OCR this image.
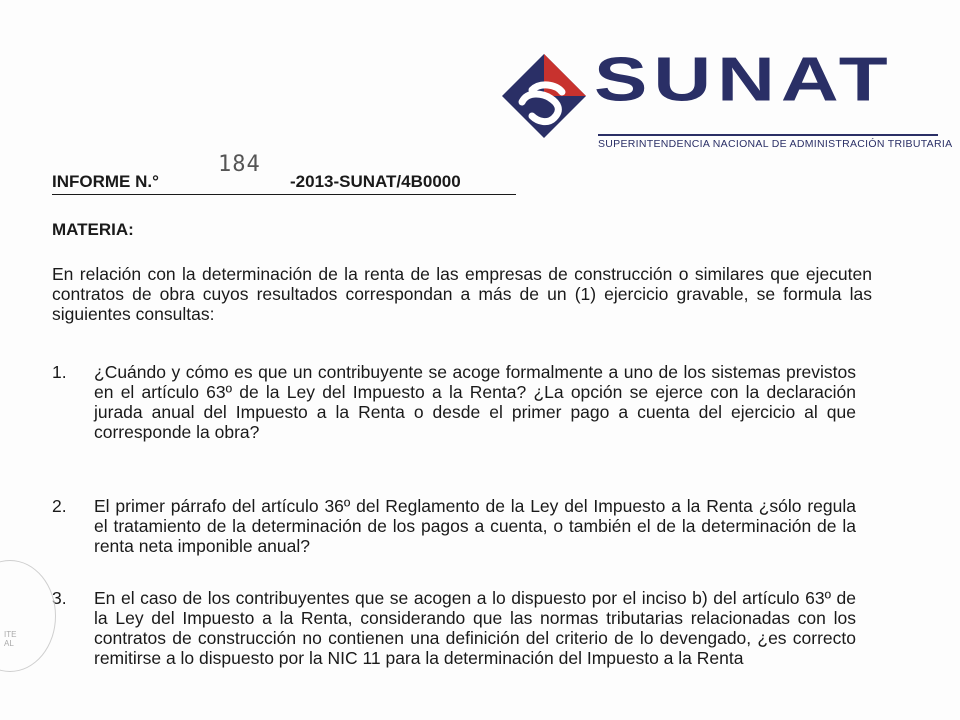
SUNAT
SUPERINTENDENCIA NACIONAL DE ADMINISTRACIÓN TRIBUTARIA
INFORME N.°
184
-2013-SUNAT/4B0000
MATERIA:
En relación con la determinación de la renta de las empresas de construcción o similares que ejecuten contratos de obra cuyos resultados correspondan a más de un (1) ejercicio gravable, se formula las siguientes consultas:
1.	¿Cuándo y cómo es que un contribuyente se acoge formalmente a uno de los sistemas previstos en el artículo 63º de la Ley del Impuesto a la Renta? ¿La opción se ejerce con la declaración jurada anual del Impuesto a la Renta o desde el primer pago a cuenta del ejercicio al que corresponde la obra?
2.	El primer párrafo del artículo 36º del Reglamento de la Ley del Impuesto a la Renta ¿sólo regula el tratamiento de la determinación de los pagos a cuenta, o también el de la determinación de la renta neta imponible anual?
3.	En el caso de los contribuyentes que se acogen a lo dispuesto por el inciso b) del artículo 63º de la Ley del Impuesto a la Renta, considerando que las normas tributarias relacionadas con los contratos de construcción no contienen una definición del criterio de lo devengado, ¿es correcto remitirse a lo dispuesto por la NIC 11 para la determinación del Impuesto a la Renta
ITE
AL
